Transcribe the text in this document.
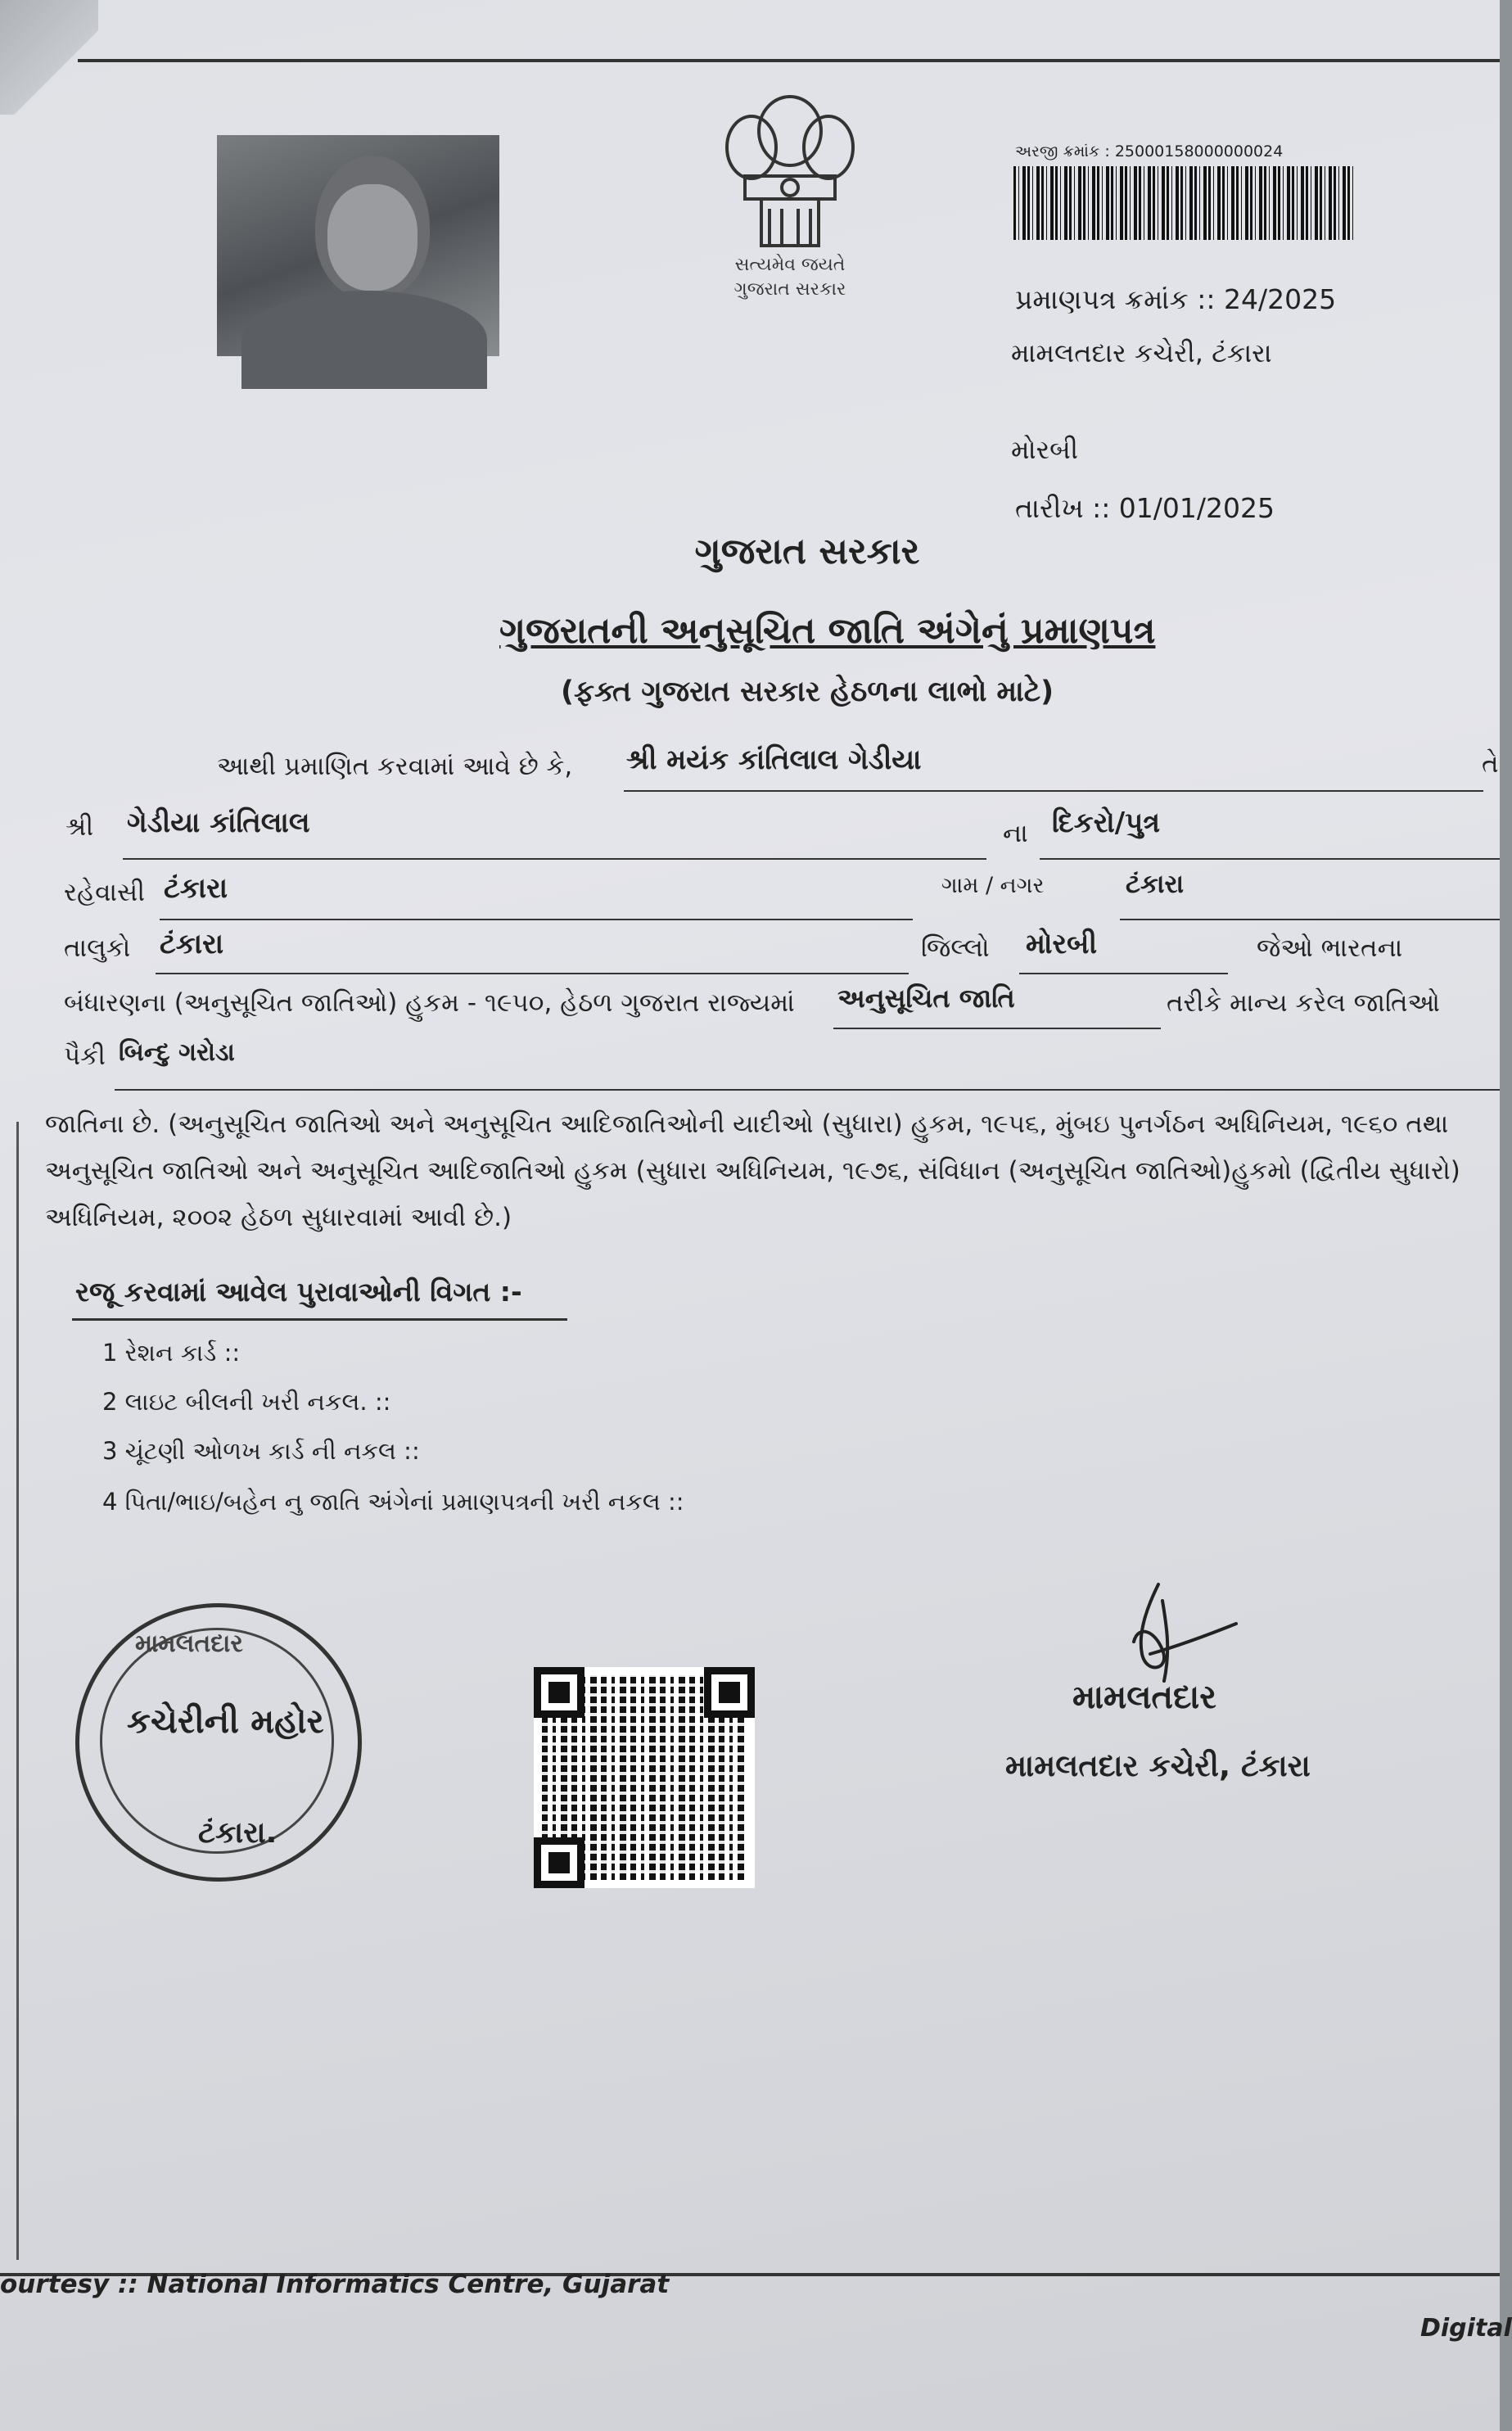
સત્યમેવ જયતે
ગુજરાત સરકાર
અરજી ક્રમાંક : 25000158000000024
પ્રમાણપત્ર ક્રમાંક :: 24/2025
મામલતદાર કચેરી, ટંકારા
મોરબી
તારીખ :: 01/01/2025
ગુજરાત સરકાર
ગુજરાતની અનુસૂચિત જાતિ અંગેનું પ્રમાણપત્ર
(ફક્ત ગુજરાત સરકાર હેઠળના લાભો માટે)
આથી પ્રમાણિત કરવામાં આવે છે કે, શ્રી મયંક કાંતિલાલ ગેડીયા	તે
શ્રી ગેડીયા કાંતિલાલ	ના દિકરો/પુત્ર
રહેવાસી ટંકારા	ગામ / નગર	ટંકારા
તાલુકો ટંકારા	જિલ્લો મોરબી	જેઓ ભારતના
બંધારણના (અનુસૂચિત જાતિઓ) હુકમ - ૧૯૫૦, હેઠળ ગુજરાત રાજ્યમાં અનુસૂચિત જાતિ	તરીકે માન્ય કરેલ જાતિઓ
પૈકી બિન્દુ ગરોડા
જાતિના છે. (અનુસૂચિત જાતિઓ અને અનુસૂચિત આદિજાતિઓની યાદીઓ (સુધારા) હુકમ, ૧૯૫૬, મુંબઇ પુનર્ગઠન અધિનિયમ, ૧૯૬૦ તથા
અનુસૂચિત જાતિઓ અને અનુસૂચિત આદિજાતિઓ હુકમ (સુધારા અધિનિયમ, ૧૯૭૬, સંવિધાન (અનુસૂચિત જાતિઓ)હુકમો (દ્વિતીય સુધારો)
અધિનિયમ, ૨૦૦૨ હેઠળ સુધારવામાં આવી છે.)
રજૂ કરવામાં આવેલ પુરાવાઓની વિગત :-
1 રેશન કાર્ડ ::
2 લાઇટ બીલની ખરી નકલ. ::
3 ચૂંટણી ઓળખ કાર્ડ ની નકલ ::
4 પિતા/ભાઇ/બહેન નુ જાતિ અંગેનાં પ્રમાણપત્રની ખરી નકલ ::
મામલતદાર
કચેરીની મહોર
ટંકારા.
મામલતદાર
મામલતદાર કચેરી, ટંકારા
ourtesy :: National Informatics Centre, Gujarat
Digital
